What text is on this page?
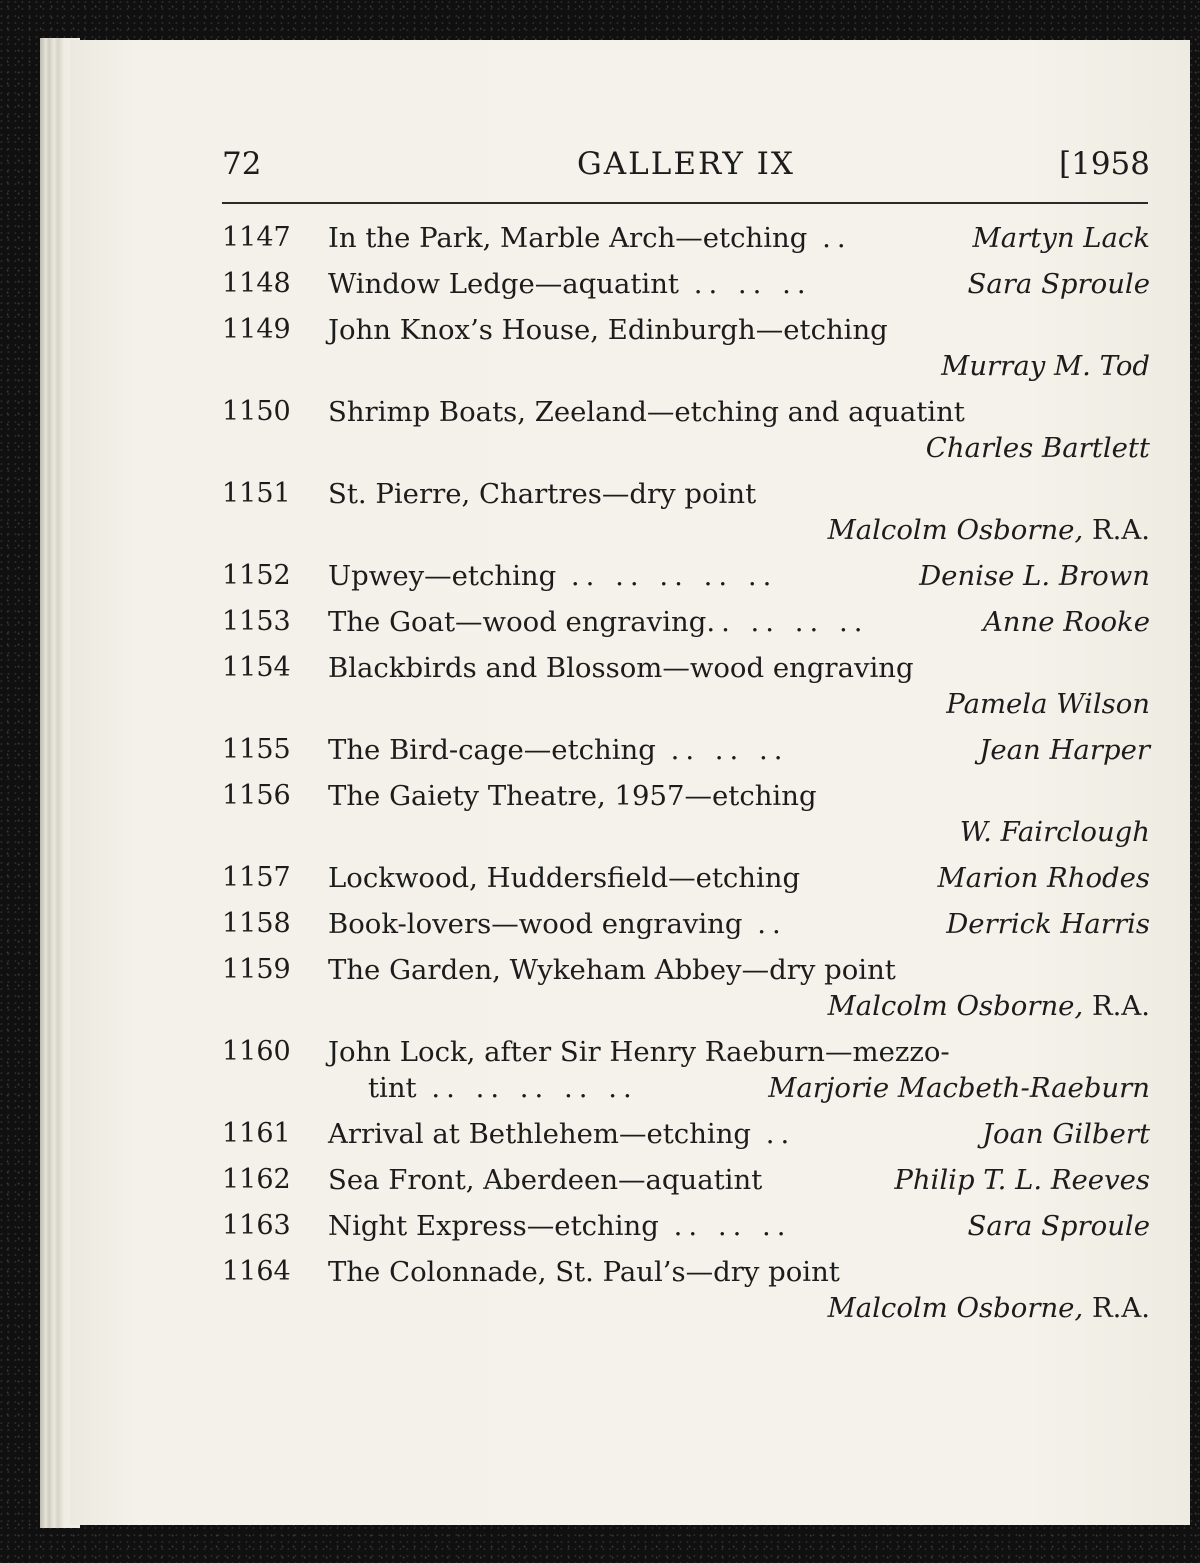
72	GALLERY IX	[1958
1147 In the Park, Marble Arch—etching ..	Martyn Lack
1148 Window Ledge—aquatint .. .. ..	Sara Sproule
1149 John Knox’s House, Edinburgh—etching
Murray M. Tod
1150 Shrimp Boats, Zeeland—etching and aquatint
Charles Bartlett
1151 St. Pierre, Chartres—dry point
Malcolm Osborne, R.A.
1152 Upwey—etching .. .. .. .. ..	Denise L. Brown
1153 The Goat—wood engraving.. .. .. ..	Anne Rooke
1154 Blackbirds and Blossom—wood engraving
Pamela Wilson
1155 The Bird-cage—etching .. .. ..	Jean Harper
1156 The Gaiety Theatre, 1957—etching
W. Fairclough
1157 Lockwood, Huddersfield—etching	Marion Rhodes
1158 Book-lovers—wood engraving ..	Derrick Harris
1159 The Garden, Wykeham Abbey—dry point
Malcolm Osborne, R.A.
1160 John Lock, after Sir Henry Raeburn—mezzo-
tint .. .. .. .. ..	Marjorie Macbeth-Raeburn
1161 Arrival at Bethlehem—etching ..	Joan Gilbert
1162 Sea Front, Aberdeen—aquatint	Philip T. L. Reeves
1163 Night Express—etching .. .. ..	Sara Sproule
1164 The Colonnade, St. Paul’s—dry point
Malcolm Osborne, R.A.
